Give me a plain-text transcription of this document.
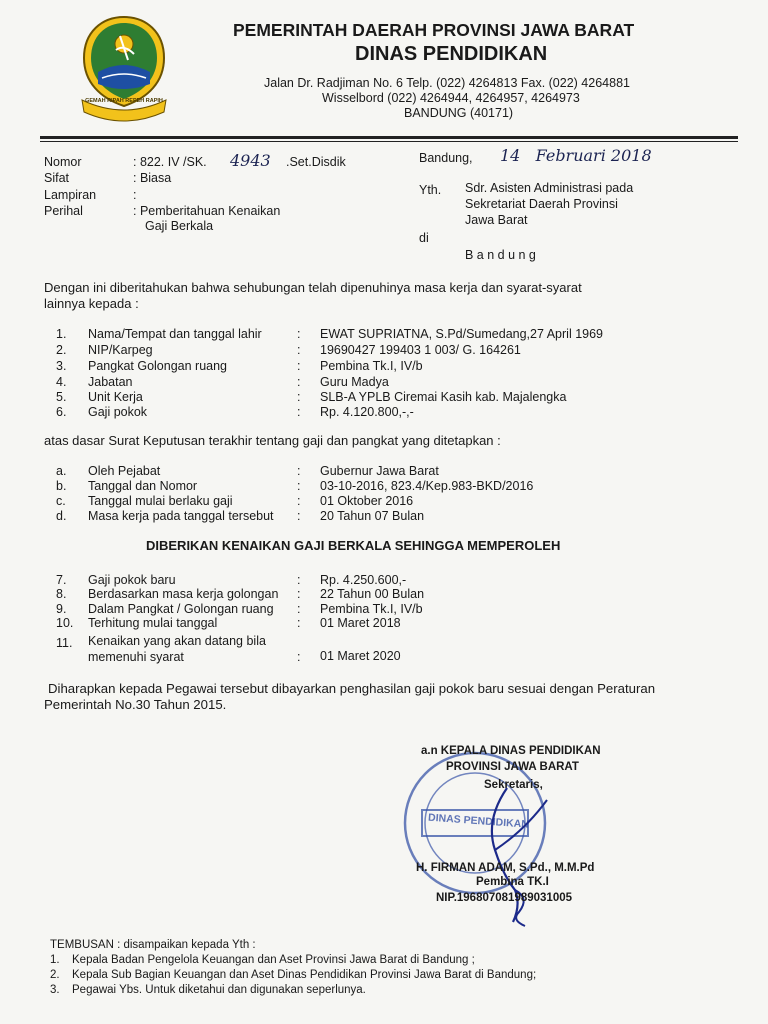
GEMAH RIPAH REPEH RAPIH
PEMERINTAH DAERAH PROVINSI JAWA BARAT
DINAS PENDIDIKAN
Jalan Dr. Radjiman No. 6 Telp. (022) 4264813 Fax. (022) 4264881
Wisselbord (022) 4264944, 4264957, 4264973
BANDUNG (40171)
Nomor	: 822. IV /SK. 4943 .Set.Disdik
Sifat	: Biasa
Lampiran	:
Perihal	: Pemberitahuan Kenaikan
Gaji Berkala
Bandung, 14   Februari 2018
Yth. Sdr. Asisten Administrasi pada
Sekretariat Daerah Provinsi
Jawa Barat
di
B a n d u n g
Dengan ini diberitahukan bahwa sehubungan telah dipenuhinya masa kerja dan syarat-syarat
lainnya kepada :
1. Nama/Tempat dan tanggal lahir	: EWAT SUPRIATNA, S.Pd/Sumedang,27 April 1969
2. NIP/Karpeg	: 19690427 199403 1 003/ G. 164261
3. Pangkat Golongan ruang	: Pembina Tk.I, IV/b
4. Jabatan	: Guru Madya
5. Unit Kerja	: SLB-A YPLB Ciremai Kasih kab. Majalengka
6. Gaji pokok	: Rp. 4.120.800,-,-
atas dasar Surat Keputusan terakhir tentang gaji dan pangkat yang ditetapkan :
a. Oleh Pejabat	: Gubernur Jawa Barat
b. Tanggal dan Nomor	: 03-10-2016, 823.4/Kep.983-BKD/2016
c. Tanggal mulai berlaku gaji	: 01 Oktober 2016
d. Masa kerja pada tanggal tersebut : 20 Tahun 07 Bulan
DIBERIKAN KENAIKAN GAJI BERKALA SEHINGGA MEMPEROLEH
7. Gaji pokok baru	: Rp. 4.250.600,-
8. Berdasarkan masa kerja golongan : 22 Tahun 00 Bulan
9. Dalam Pangkat / Golongan ruang : Pembina Tk.I, IV/b
10. Terhitung mulai tanggal	: 01 Maret 2018
11. Kenaikan yang akan datang bila
memenuhi syarat	: 01 Maret 2020
Diharapkan kepada Pegawai tersebut dibayarkan penghasilan gaji pokok baru sesuai dengan Peraturan
Pemerintah No.30 Tahun 2015.
DINAS PENDIDIKAN
a.n KEPALA DINAS PENDIDIKAN
PROVINSI JAWA BARAT
Sekretaris,
H. FIRMAN ADAM, S.Pd., M.M.Pd
Pembina TK.I
NIP.196807081989031005
TEMBUSAN : disampaikan kepada Yth :
1. Kepala Badan Pengelola Keuangan dan Aset Provinsi Jawa Barat di Bandung ;
2. Kepala Sub Bagian Keuangan dan Aset Dinas Pendidikan Provinsi Jawa Barat di Bandung;
3. Pegawai Ybs. Untuk diketahui dan digunakan seperlunya.
